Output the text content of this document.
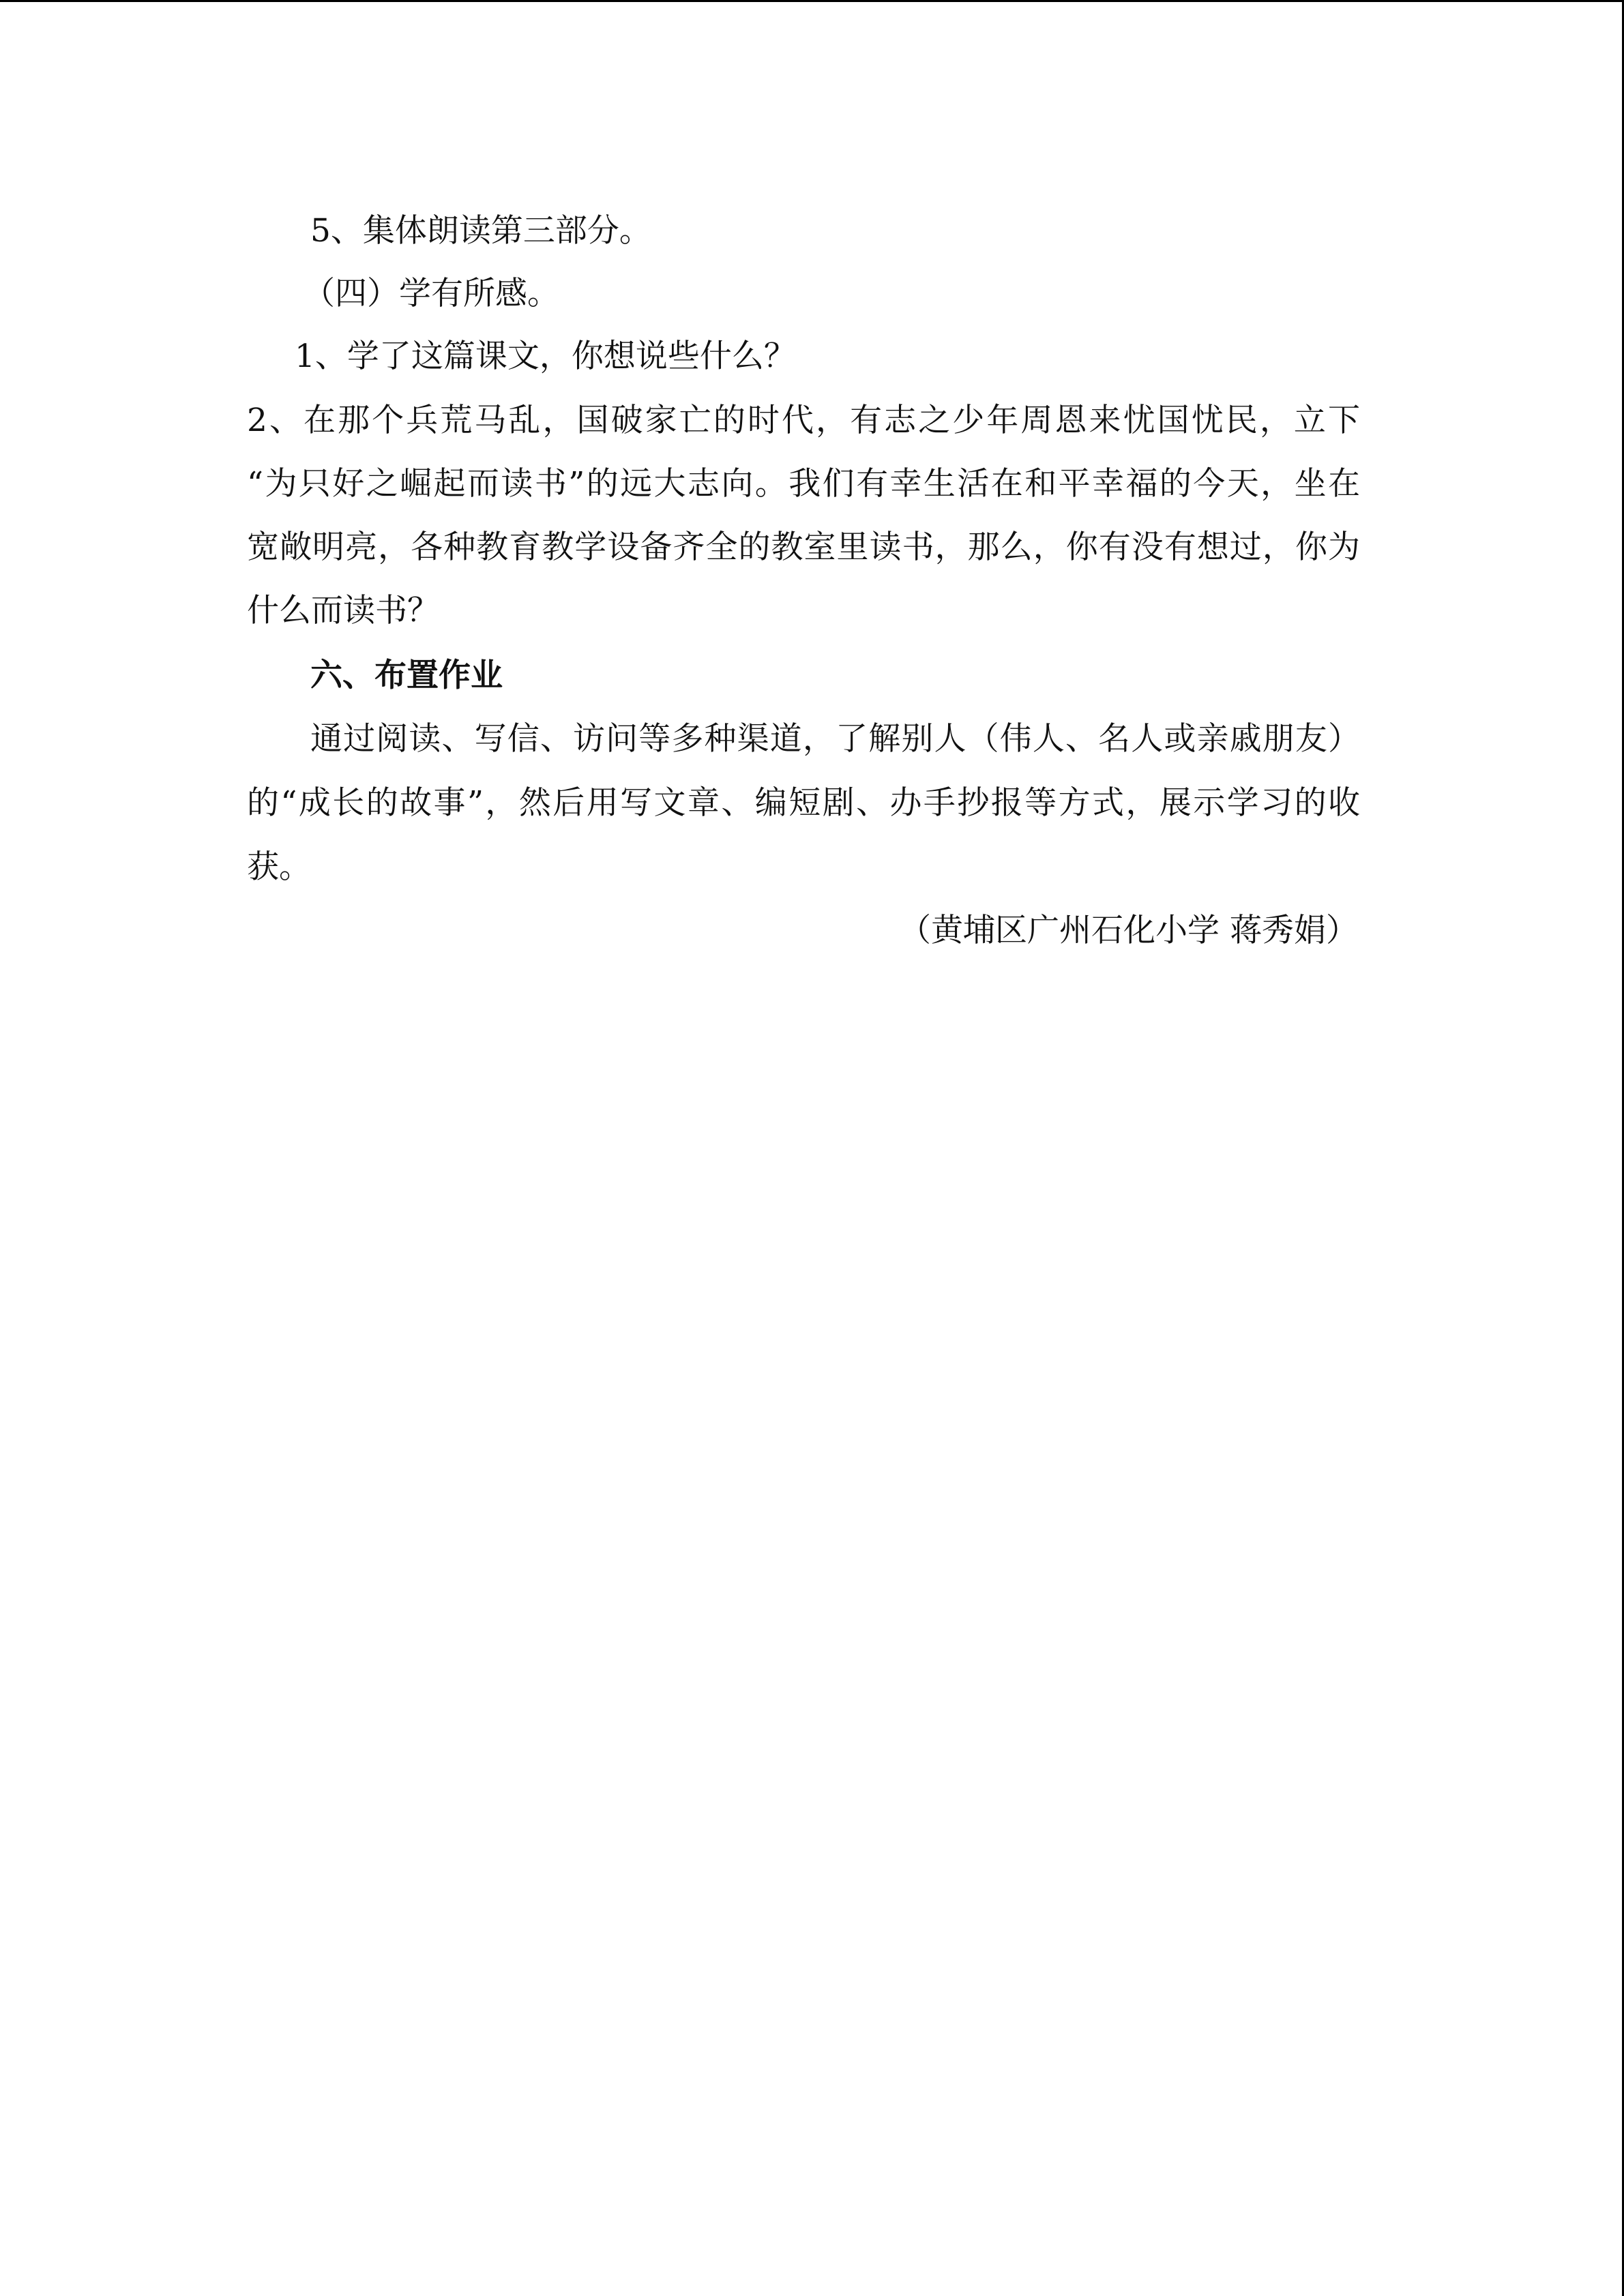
5、集体朗读第三部分。

（四）学有所感。

1、学了这篇课文，你想说些什么？

2、在那个兵荒马乱，国破家亡的时代，有志之少年周恩来忧国忧民，立下

“为只好之崛起而读书”的远大志向。我们有幸生活在和平幸福的今天，坐在

宽敞明亮，各种教育教学设备齐全的教室里读书，那么，你有没有想过，你为

什么而读书？

六、布置作业

通过阅读、写信、访问等多种渠道，了解别人（伟人、名人或亲戚朋友）

的“成长的故事”，然后用写文章、编短剧、办手抄报等方式，展示学习的收

获。

（黄埔区广州石化小学 蒋秀娟）
